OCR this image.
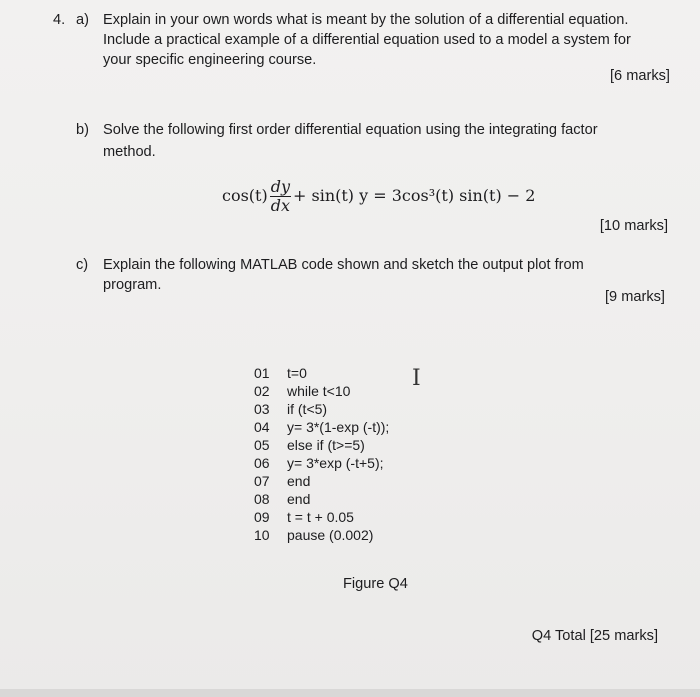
4. a) Explain in your own words what is meant by the solution of a differential equation.
Include a practical example of a differential equation used to a model a system for
your specific engineering course.
[6 marks]
b) Solve the following first order differential equation using the integrating factor
method.
$\cos(t) \frac{dy}{dx} + \sin(t) y = 3\cos^3(t) \sin(t) - 2$
[10 marks]
c) Explain the following MATLAB code shown and sketch the output plot from
program.
[9 marks]
01	t=0
02	while t<10
03	if (t<5)
04	y= 3*(1-exp (-t));
05	else if (t>=5)
06	y= 3*exp (-t+5);
07	end
08	end
09	t = t + 0.05
10	pause (0.002)
I
Figure Q4
Q4 Total [25 marks]
